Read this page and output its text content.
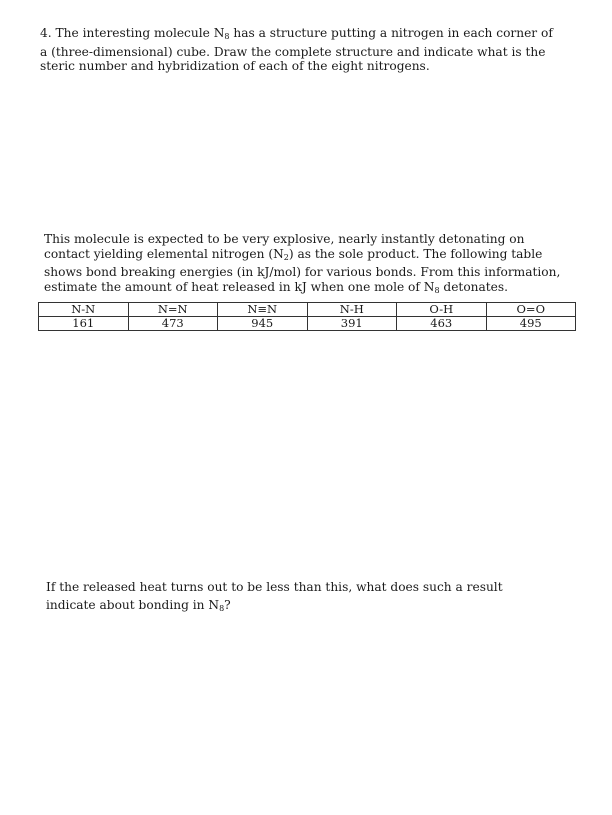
4. The interesting molecule $N_8$ has a structure putting a nitrogen in each corner of a (three-dimensional) cube. Draw the complete structure and indicate what is the steric number and hybridization of each of the eight nitrogens.

This molecule is expected to be very explosive, nearly instantly detonating on contact yielding elemental nitrogen $(N_2)$ as the sole product. The following table shows bond breaking energies (in kJ/mol) for various bonds. From this information, estimate the amount of heat released in kJ when one mole of $N_8$ detonates.

N-N	N=N	N≡N	N-H	O-H	O=O
161	473	945	391	463	495

If the released heat turns out to be less than this, what does such a result indicate about bonding in $N_8$?
